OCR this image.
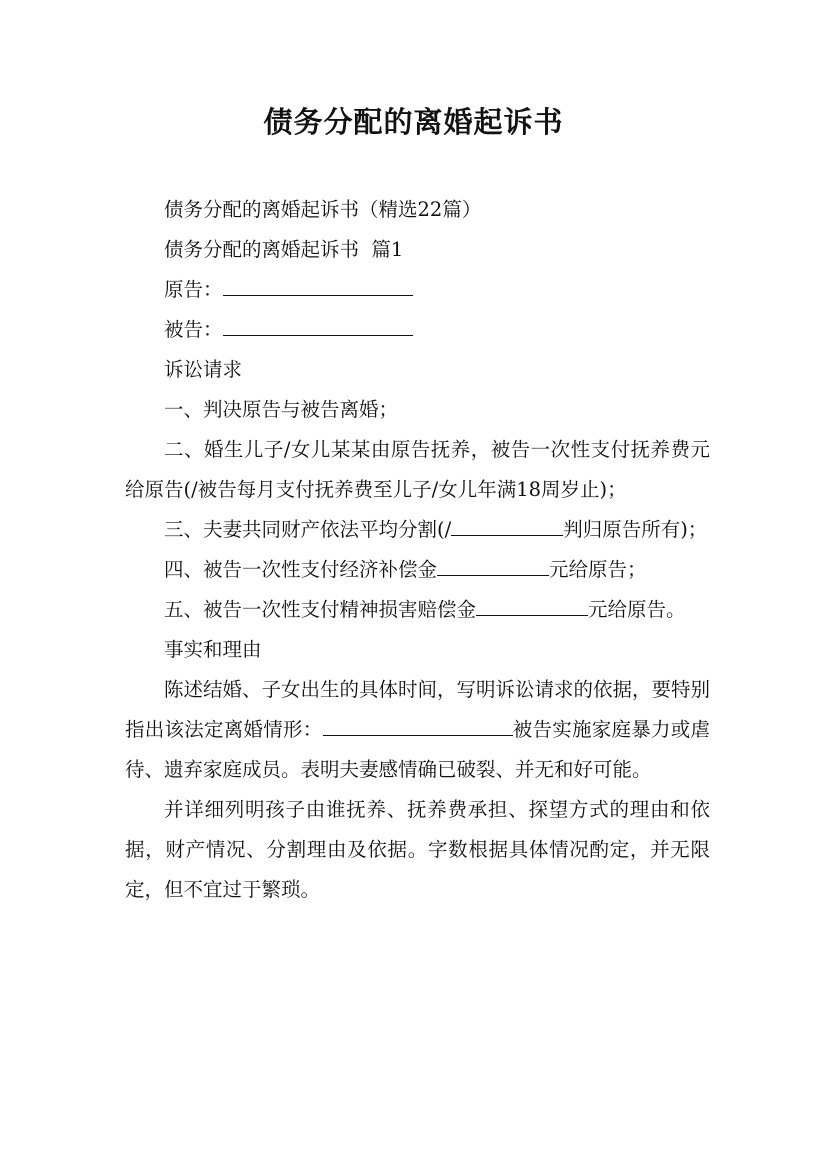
债务分配的离婚起诉书

债务分配的离婚起诉书（精选22篇）

债务分配的离婚起诉书  篇1

原告：

被告：

诉讼请求

一、判决原告与被告离婚；

二、婚生儿子/女儿某某由原告抚养，被告一次性支付抚养费元给原告(/被告每月支付抚养费至儿子/女儿年满18周岁止)；

三、夫妻共同财产依法平均分割(/	判归原告所有)；

四、被告一次性支付经济补偿金	元给原告；

五、被告一次性支付精神损害赔偿金	元给原告。

事实和理由

陈述结婚、子女出生的具体时间，写明诉讼请求的依据，要特别指出该法定离婚情形：	被告实施家庭暴力或虐待、遗弃家庭成员。表明夫妻感情确已破裂、并无和好可能。

并详细列明孩子由谁抚养、抚养费承担、探望方式的理由和依据，财产情况、分割理由及依据。字数根据具体情况酌定，并无限定，但不宜过于繁琐。
